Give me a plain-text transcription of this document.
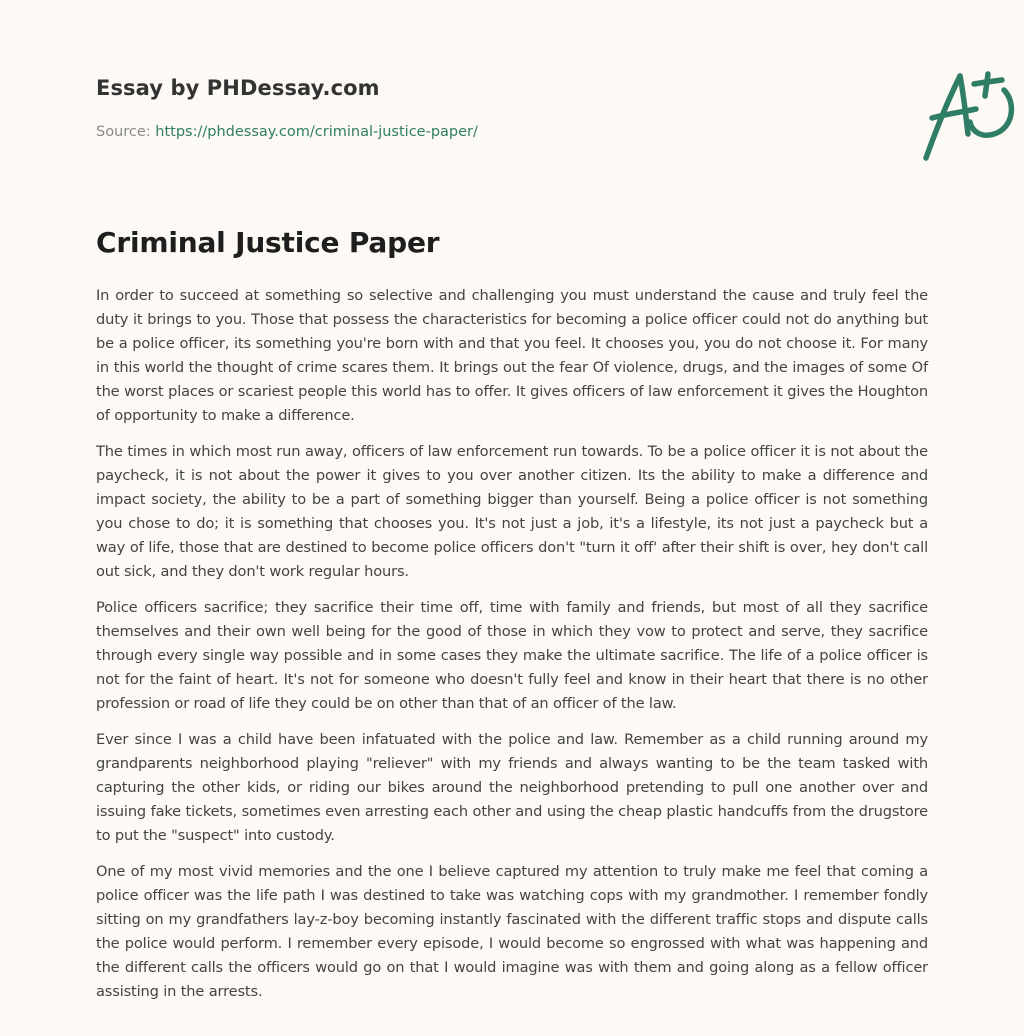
Essay by PHDessay.com
Source: https://phdessay.com/criminal-justice-paper/
Criminal Justice Paper

In order to succeed at something so selective and challenging you must understand the cause and truly feel the duty it brings to you. Those that possess the characteristics for becoming a police officer could not do anything but be a police officer, its something you're born with and that you feel. It chooses you, you do not choose it. For many in this world the thought of crime scares them. It brings out the fear Of violence, drugs, and the images of some Of the worst places or scariest people this world has to offer. It gives officers of law enforcement it gives the Houghton of opportunity to make a difference.

The times in which most run away, officers of law enforcement run towards. To be a police officer it is not about the paycheck, it is not about the power it gives to you over another citizen. Its the ability to make a difference and impact society, the ability to be a part of something bigger than yourself. Being a police officer is not something you chose to do; it is something that chooses you. It's not just a job, it's a lifestyle, its not just a paycheck but a way of life, those that are destined to become police officers don't "turn it off' after their shift is over, hey don't call out sick, and they don't work regular hours.

Police officers sacrifice; they sacrifice their time off, time with family and friends, but most of all they sacrifice themselves and their own well being for the good of those in which they vow to protect and serve, they sacrifice through every single way possible and in some cases they make the ultimate sacrifice. The life of a police officer is not for the faint of heart. It's not for someone who doesn't fully feel and know in their heart that there is no other profession or road of life they could be on other than that of an officer of the law.

Ever since I was a child have been infatuated with the police and law. Remember as a child running around my grandparents neighborhood playing "reliever" with my friends and always wanting to be the team tasked with capturing the other kids, or riding our bikes around the neighborhood pretending to pull one another over and issuing fake tickets, sometimes even arresting each other and using the cheap plastic handcuffs from the drugstore to put the "suspect" into custody.

One of my most vivid memories and the one I believe captured my attention to truly make me feel that coming a police officer was the life path I was destined to take was watching cops with my grandmother. I remember fondly sitting on my grandfathers lay-z-boy becoming instantly fascinated with the different traffic stops and dispute calls the police would perform. I remember every episode, I would become so engrossed with what was happening and the different calls the officers would go on that I would imagine was with them and going along as a fellow officer assisting in the arrests.
